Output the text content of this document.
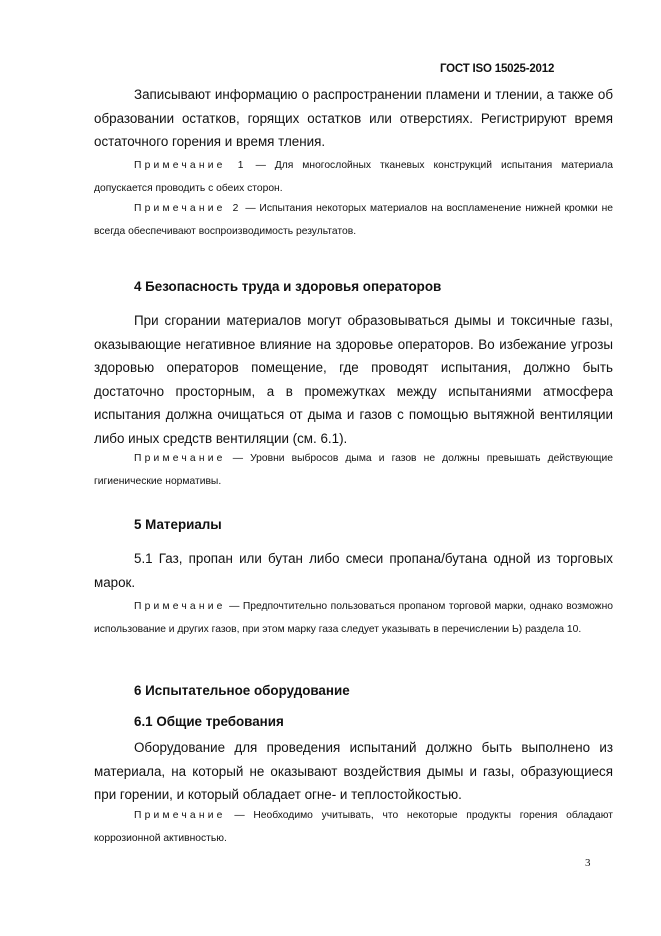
ГОСТ ISO 15025-2012
Записывают информацию о распространении пламени и тлении, а также об образовании остатков, горящих остатков или отверстиях. Регистрируют время остаточного горения и время тления.
Примечание 1 — Для многослойных тканевых конструкций испытания материала допускается проводить с обеих сторон.
Примечание 2 — Испытания некоторых материалов на воспламенение нижней кромки не всегда обеспечивают воспроизводимость результатов.
4 Безопасность труда и здоровья операторов
При сгорании материалов могут образовываться дымы и токсичные газы, оказывающие негативное влияние на здоровье операторов. Во избежание угрозы здоровью операторов помещение, где проводят испытания, должно быть достаточно просторным, а в промежутках между испытаниями атмосфера испытания должна очищаться от дыма и газов с помощью вытяжной вентиляции либо иных средств вентиляции (см. 6.1).
Примечание — Уровни выбросов дыма и газов не должны превышать действующие гигиенические нормативы.
5 Материалы
5.1 Газ, пропан или бутан либо смеси пропана/бутана одной из торговых марок.
Примечание — Предпочтительно пользоваться пропаном торговой марки, однако возможно использование и других газов, при этом марку газа следует указывать в перечислении Ь) раздела 10.
6 Испытательное оборудование
6.1 Общие требования
Оборудование для проведения испытаний должно быть выполнено из материала, на который не оказывают воздействия дымы и газы, образующиеся при горении, и который обладает огне- и теплостойкостью.
Примечание — Необходимо учитывать, что некоторые продукты горения обладают коррозионной активностью.
3
